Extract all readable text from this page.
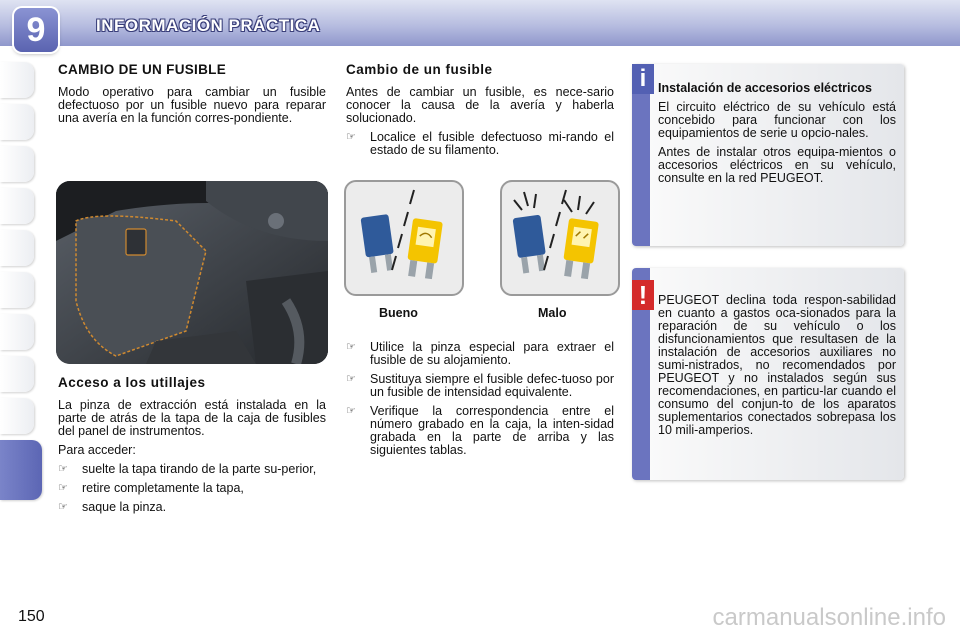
9	INFORMACIÓN PRÁCTICA
CAMBIO DE UN FUSIBLE

Modo operativo para cambiar un fusible defectuoso por un fusible nuevo para reparar una avería en la función corres-pondiente.

Acceso a los utillajes

La pinza de extracción está instalada en la parte de atrás de la tapa de la caja de fusibles del panel de instrumentos.

Para acceder:

☞	suelte la tapa tirando de la parte su-perior,
☞	retire completamente la tapa,
☞	saque la pinza.
Cambio de un fusible

Antes de cambiar un fusible, es nece-sario conocer la causa de la avería y haberla solucionado.

☞	Localice el fusible defectuoso mi-rando el estado de su filamento.
Bueno	Malo
☞	Utilice la pinza especial para extraer el fusible de su alojamiento.
☞	Sustituya siempre el fusible defec-tuoso por un fusible de intensidad equivalente.
☞	Verifique la correspondencia entre el número grabado en la caja, la inten-sidad grabada en la parte de arriba y las siguientes tablas.
i Instalación de accesorios eléctricos

El circuito eléctrico de su vehículo está concebido para funcionar con los equipamientos de serie u opcio-nales.

Antes de instalar otros equipa-mientos o accesorios eléctricos en su vehículo, consulte en la red PEUGEOT.

! PEUGEOT declina toda respon-sabilidad en cuanto a gastos oca-sionados para la reparación de su vehículo o los disfuncionamientos que resultasen de la instalación de accesorios auxiliares no sumi-nistrados, no recomendados por PEUGEOT y no instalados según sus recomendaciones, en particu-lar cuando el consumo del conjun-to de los aparatos suplementarios conectados sobrepasa los 10 mili-amperios.

150	carmanualsonline.info
